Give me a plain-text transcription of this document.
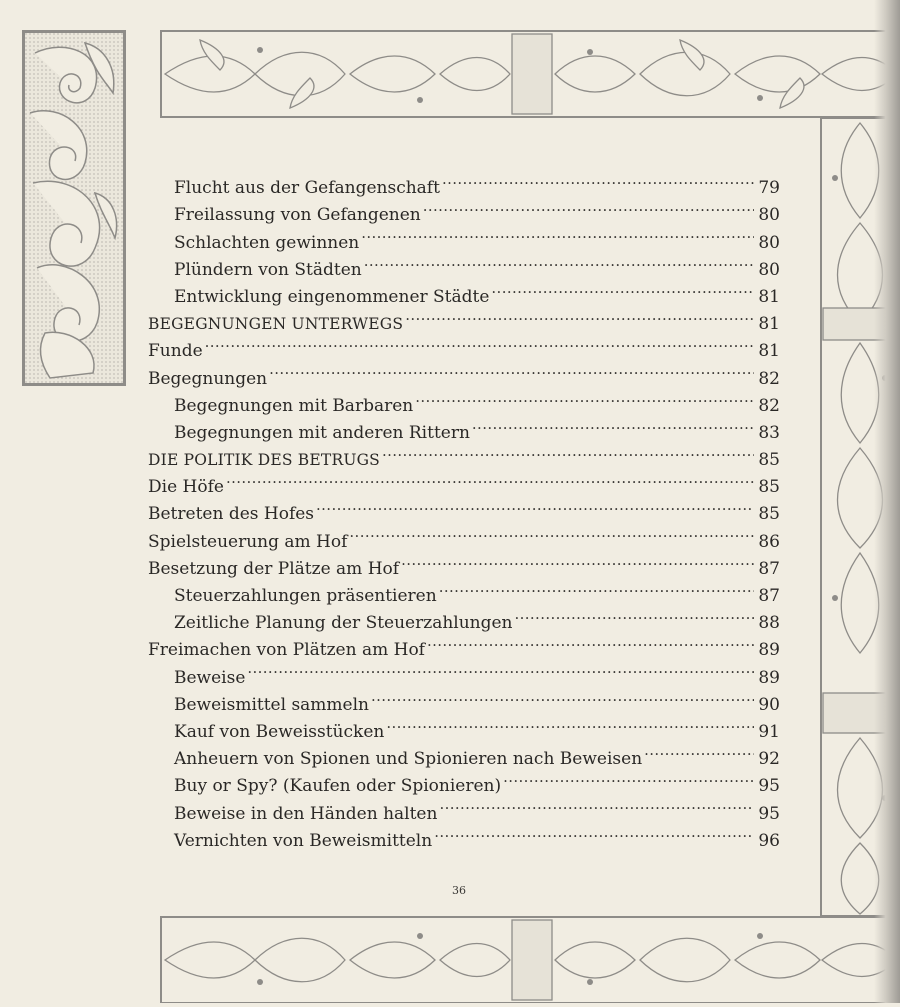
Flucht aus der Gefangenschaft . . .	79
Freilassung von Gefangenen . . .	80
Schlachten gewinnen . . .	80
Plündern von Städten . . .	80
Entwicklung eingenommener Städte . . .	81
BEGEGNUNGEN UNTERWEGS . . .	81
Funde . . .	81
Begegnungen . . .	82
Begegnungen mit Barbaren . . .	82
Begegnungen mit anderen Rittern . . .	83
DIE POLITIK DES BETRUGS . . .	85
Die Höfe . . .	85
Betreten des Hofes . . .	85
Spielsteuerung am Hof . . .	86
Besetzung der Plätze am Hof . . .	87
Steuerzahlungen präsentieren . . .	87
Zeitliche Planung der Steuerzahlungen . . .	88
Freimachen von Plätzen am Hof . . .	89
Beweise . . .	89
Beweismittel sammeln . . .	90
Kauf von Beweisstücken . . .	91
Anheuern von Spionen und Spionieren nach Beweisen . . .	92
Buy or Spy? (Kaufen oder Spionieren) . . .	95
Beweise in den Händen halten . . .	95
Vernichten von Beweismitteln . . .	96
36
